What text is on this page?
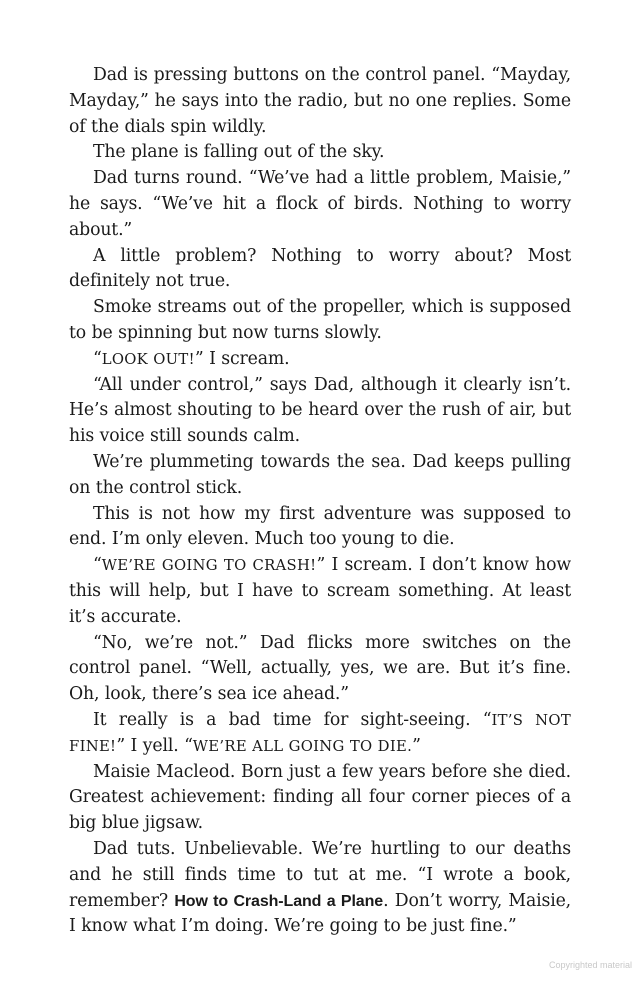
Dad is pressing buttons on the control panel. “Mayday, Mayday,” he says into the radio, but no one replies. Some of the dials spin wildly.

The plane is falling out of the sky.

Dad turns round. “We’ve had a little problem, Maisie,” he says. “We’ve hit a flock of birds. Nothing to worry about.”

A little problem? Nothing to worry about? Most definitely not true.

Smoke streams out of the propeller, which is supposed to be spinning but now turns slowly.

“LOOK OUT!” I scream.

“All under control,” says Dad, although it clearly isn’t. He’s almost shouting to be heard over the rush of air, but his voice still sounds calm.

We’re plummeting towards the sea. Dad keeps pulling on the control stick.

This is not how my first adventure was supposed to end. I’m only eleven. Much too young to die.

“WE’RE GOING TO CRASH!” I scream. I don’t know how this will help, but I have to scream something. At least it’s accurate.

“No, we’re not.” Dad flicks more switches on the control panel. “Well, actually, yes, we are. But it’s fine. Oh, look, there’s sea ice ahead.”

It really is a bad time for sight-seeing. “IT’S NOT FINE!” I yell. “WE’RE ALL GOING TO DIE.”

Maisie Macleod. Born just a few years before she died. Greatest achievement: finding all four corner pieces of a big blue jigsaw.

Dad tuts. Unbelievable. We’re hurtling to our deaths and he still finds time to tut at me. “I wrote a book, remember? How to Crash-Land a Plane. Don’t worry, Maisie, I know what I’m doing. We’re going to be just fine.”

Copyrighted material
